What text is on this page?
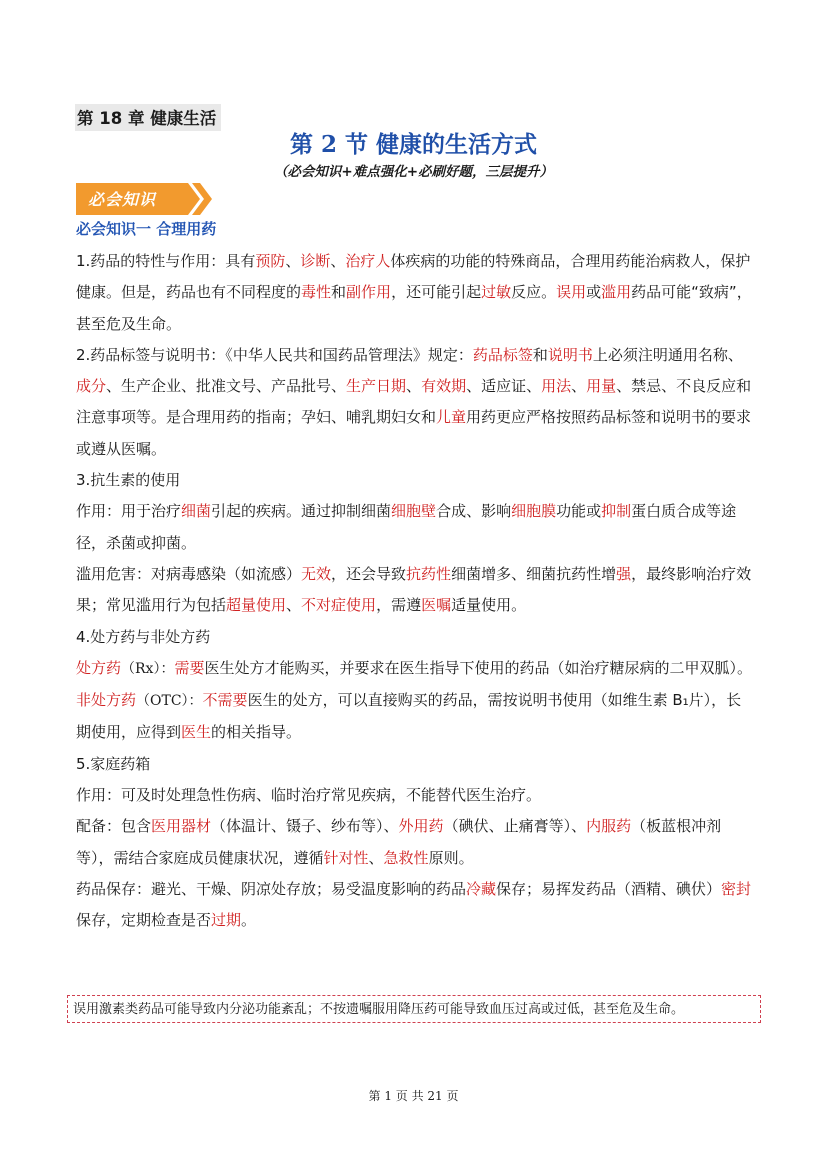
第 18 章 健康生活
第 2 节 健康的生活方式
（必会知识+难点强化+必刷好题，三层提升）
必会知识
必会知识一 合理用药

1.药品的特性与作用：具有预防、诊断、治疗人体疾病的功能的特殊商品，合理用药能治病救人，保护健康。但是，药品也有不同程度的毒性和副作用，还可能引起过敏反应。误用或滥用药品可能“致病”，甚至危及生命。

2.药品标签与说明书：《中华人民共和国药品管理法》规定：药品标签和说明书上必须注明通用名称、成分、生产企业、批准文号、产品批号、生产日期、有效期、适应证、用法、用量、禁忌、不良反应和注意事项等。是合理用药的指南；孕妇、哺乳期妇女和儿童用药更应严格按照药品标签和说明书的要求或遵从医嘱。

3.抗生素的使用

作用：用于治疗细菌引起的疾病。通过抑制细菌细胞壁合成、影响细胞膜功能或抑制蛋白质合成等途径，杀菌或抑菌。

滥用危害：对病毒感染（如流感）无效，还会导致抗药性细菌增多、细菌抗药性增强，最终影响治疗效果；常见滥用行为包括超量使用、不对症使用，需遵医嘱适量使用。

4.处方药与非处方药

处方药（Rx）：需要医生处方才能购买，并要求在医生指导下使用的药品（如治疗糖尿病的二甲双胍）。

非处方药（OTC）：不需要医生的处方，可以直接购买的药品，需按说明书使用（如维生素 B₁片），长期使用，应得到医生的相关指导。

5.家庭药箱

作用：可及时处理急性伤病、临时治疗常见疾病，不能替代医生治疗。

配备：包含医用器材（体温计、镊子、纱布等）、外用药（碘伏、止痛膏等）、内服药（板蓝根冲剂等），需结合家庭成员健康状况，遵循针对性、急救性原则。

药品保存：避光、干燥、阴凉处存放；易受温度影响的药品冷藏保存；易挥发药品（酒精、碘伏）密封保存，定期检查是否过期。

误用激素类药品可能导致内分泌功能紊乱；不按遗嘱服用降压药可能导致血压过高或过低，甚至危及生命。
第 1 页 共 21 页
